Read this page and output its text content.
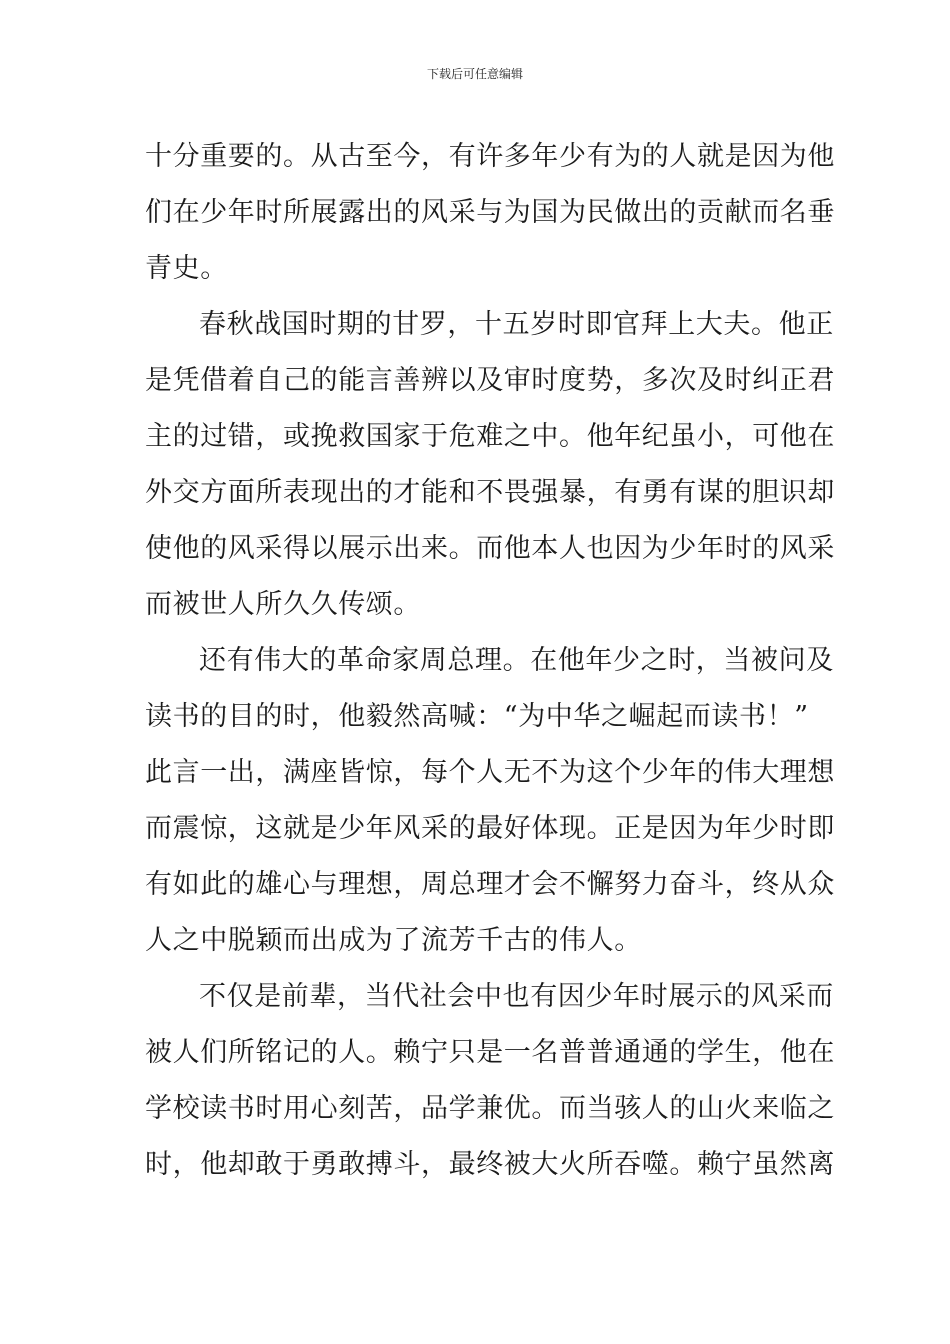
下载后可任意编辑
十分重要的。从古至今，有许多年少有为的人就是因为他
们在少年时所展露出的风采与为国为民做出的贡献而名垂
青史。
春秋战国时期的甘罗，十五岁时即官拜上大夫。他正
是凭借着自己的能言善辨以及审时度势，多次及时纠正君
主的过错，或挽救国家于危难之中。他年纪虽小，可他在
外交方面所表现出的才能和不畏强暴，有勇有谋的胆识却
使他的风采得以展示出来。而他本人也因为少年时的风采
而被世人所久久传颂。
还有伟大的革命家周总理。在他年少之时，当被问及
读书的目的时，他毅然高喊：“为中华之崛起而读书！”
此言一出，满座皆惊，每个人无不为这个少年的伟大理想
而震惊，这就是少年风采的最好体现。正是因为年少时即
有如此的雄心与理想，周总理才会不懈努力奋斗，终从众
人之中脱颖而出成为了流芳千古的伟人。
不仅是前辈，当代社会中也有因少年时展示的风采而
被人们所铭记的人。赖宁只是一名普普通通的学生，他在
学校读书时用心刻苦，品学兼优。而当骇人的山火来临之
时，他却敢于勇敢搏斗，最终被大火所吞噬。赖宁虽然离
